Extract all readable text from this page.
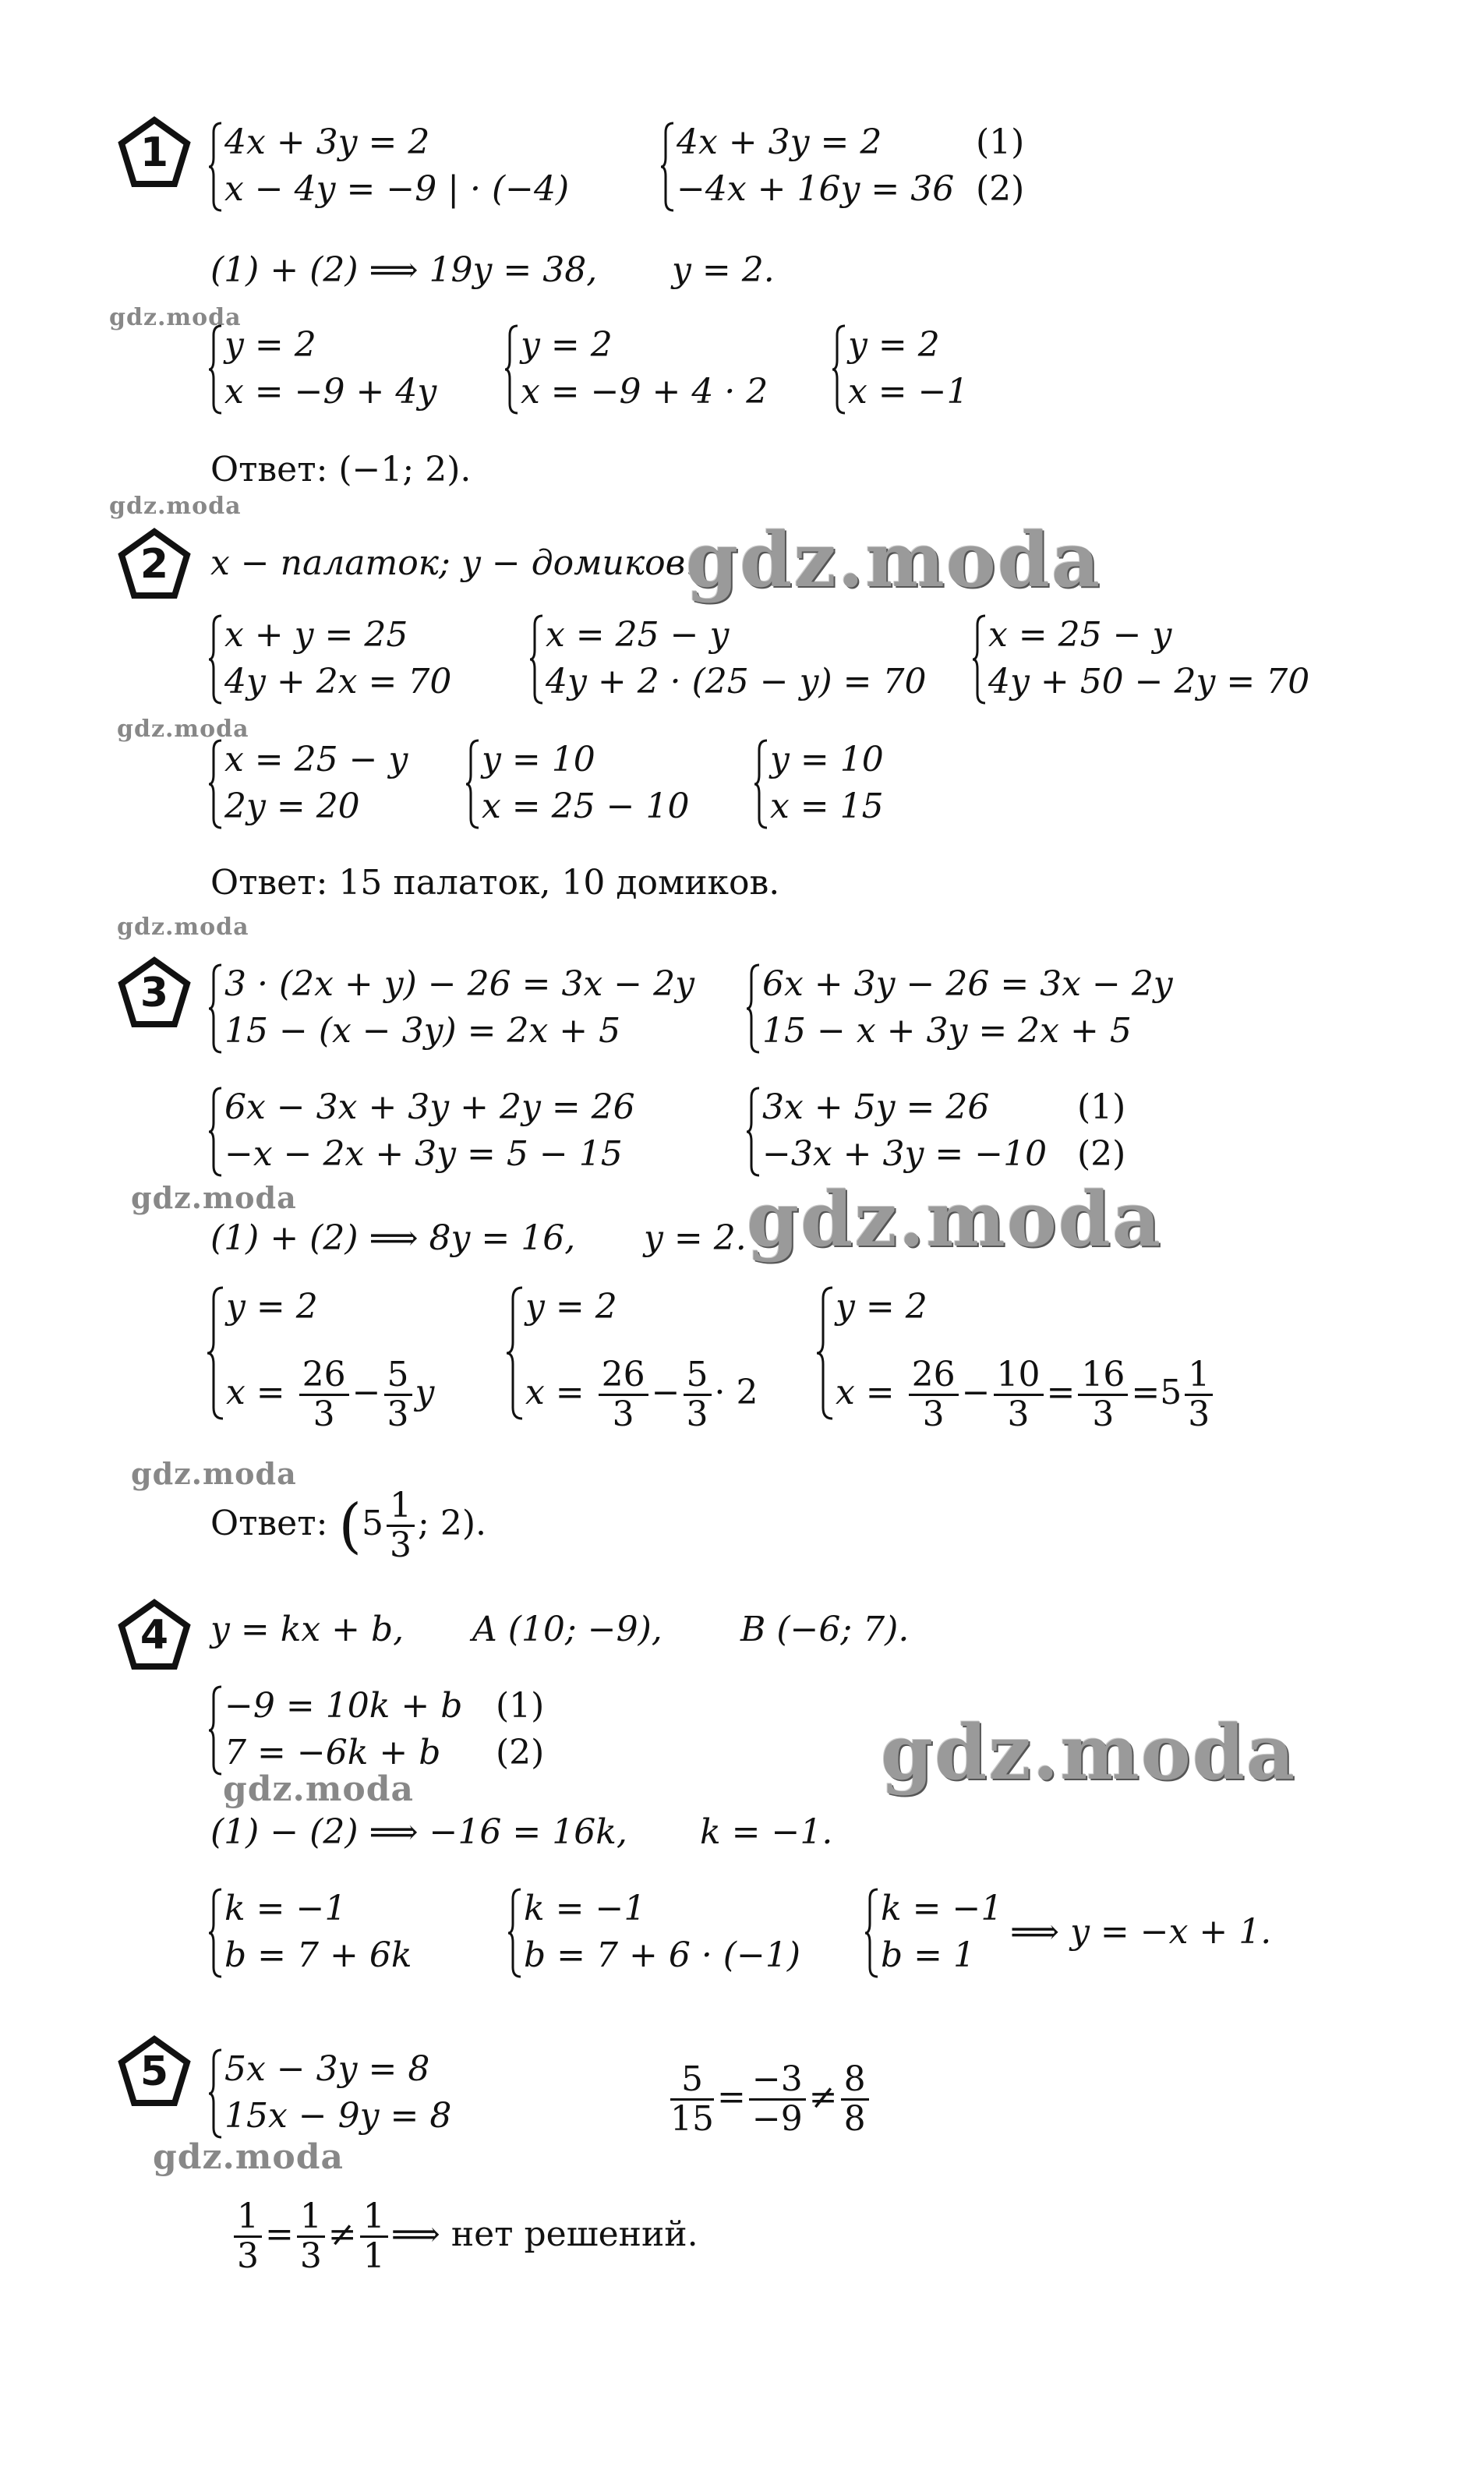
1	4x + 3y = 2
x − 4y = −9 | · (−4)
4x + 3y = 2
−4x + 16y = 36
(1)
(2)
(1) + (2) ⟹ 19y = 38, y = 2.
gdz.moda
y = 2
x = −9 + 4y
y = 2
x = −9 + 4 · 2
y = 2
x = −1
Ответ: (−1; 2).
gdz.moda
2	x − палаток; y − домиков.
gdz.moda
x + y = 25
4y + 2x = 70
x = 25 − y
4y + 2 · (25 − y) = 70
x = 25 − y
4y + 50 − 2y = 70
gdz.moda
x = 25 − y
2y = 20
y = 10
x = 25 − 10
y = 10
x = 15
Ответ: 15 палаток, 10 домиков.
gdz.moda
3	3 · (2x + y) − 26 = 3x − 2y
15 − (x − 3y) = 2x + 5
6x + 3y − 26 = 3x − 2y
15 − x + 3y = 2x + 5
6x − 3x + 3y + 2y = 26
−x − 2x + 3y = 5 − 15
3x + 5y = 26
−3x + 3y = −10
(1)
(2)
gdz.moda
(1) + (2) ⟹ 8y = 16, y = 2. gdz.moda
y = 2
$x = \frac{26}{3} - \frac{5}{3}$ y
y = 2
$x = \frac{26}{3} - \frac{5}{3} \cdot 2$
y = 2
$x = \frac{26}{3} - \frac{10}{3} = \frac{16}{3} =5 \frac{1}{3}$
gdz.moda
Ответ: ($5 \frac{1}{3}$ ; 2).
4	y = kx + b, A (10; −9), B (−6; 7).
−9 = 10k + b
7 = −6k + b
(1)
(2)	gdz.moda
gdz.moda
(1) − (2) ⟹ −16 = 16k, k = −1.
k = −1
b = 7 + 6k
k = −1
b = 7 + 6 · (−1)
k = −1
b = 1
⟹ y = −x + 1.
5	5x − 3y = 8
15x − 9y = 8	$\frac{5}{15} = \frac{-3}{-9} \ne \frac{8}{8}$
gdz.moda
$\frac{1}{3} = \frac{1}{3} \ne \frac{1}{1}$ ⟹ нет решений.
